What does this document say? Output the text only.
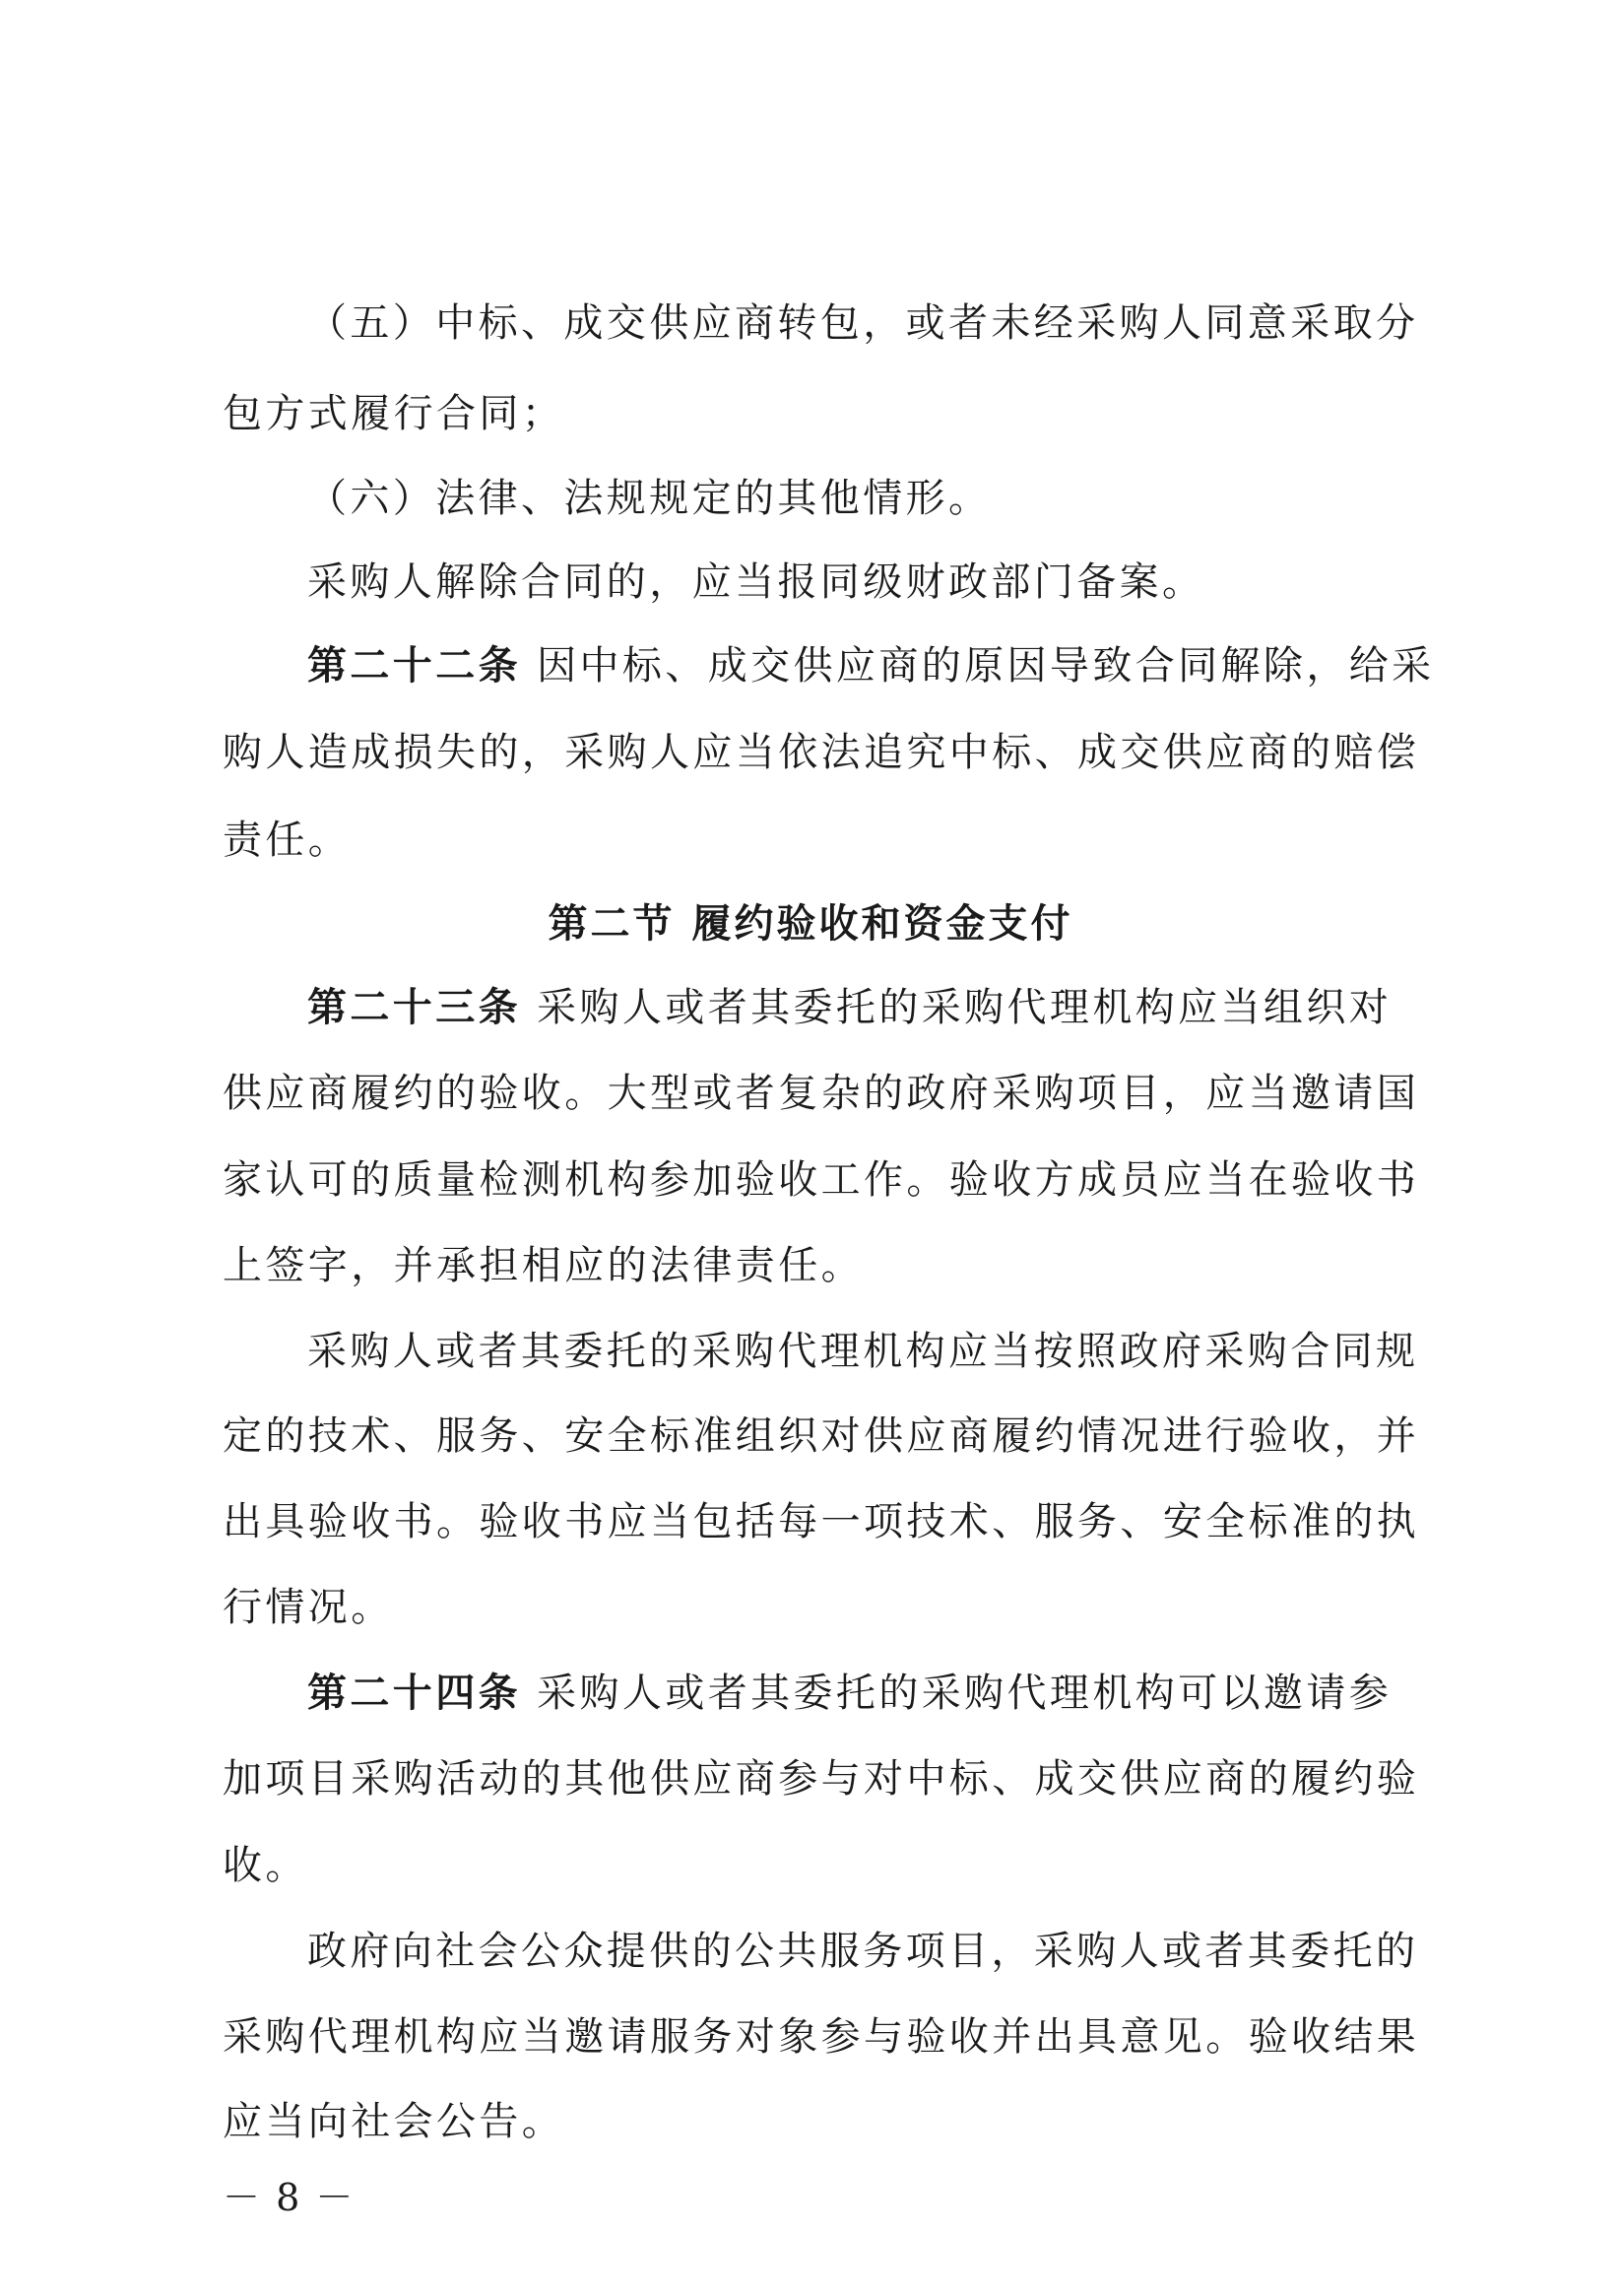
（五）中标、成交供应商转包，或者未经采购人同意采取分
包方式履行合同；
（六）法律、法规规定的其他情形。
采购人解除合同的，应当报同级财政部门备案。
第二十二条 因中标、成交供应商的原因导致合同解除，给采
购人造成损失的，采购人应当依法追究中标、成交供应商的赔偿
责任。
第二节 履约验收和资金支付
第二十三条 采购人或者其委托的采购代理机构应当组织对
供应商履约的验收。大型或者复杂的政府采购项目，应当邀请国
家认可的质量检测机构参加验收工作。验收方成员应当在验收书
上签字，并承担相应的法律责任。
采购人或者其委托的采购代理机构应当按照政府采购合同规
定的技术、服务、安全标准组织对供应商履约情况进行验收，并
出具验收书。验收书应当包括每一项技术、服务、安全标准的执
行情况。
第二十四条 采购人或者其委托的采购代理机构可以邀请参
加项目采购活动的其他供应商参与对中标、成交供应商的履约验
收。
政府向社会公众提供的公共服务项目，采购人或者其委托的
采购代理机构应当邀请服务对象参与验收并出具意见。验收结果
应当向社会公告。
－ 8 －
